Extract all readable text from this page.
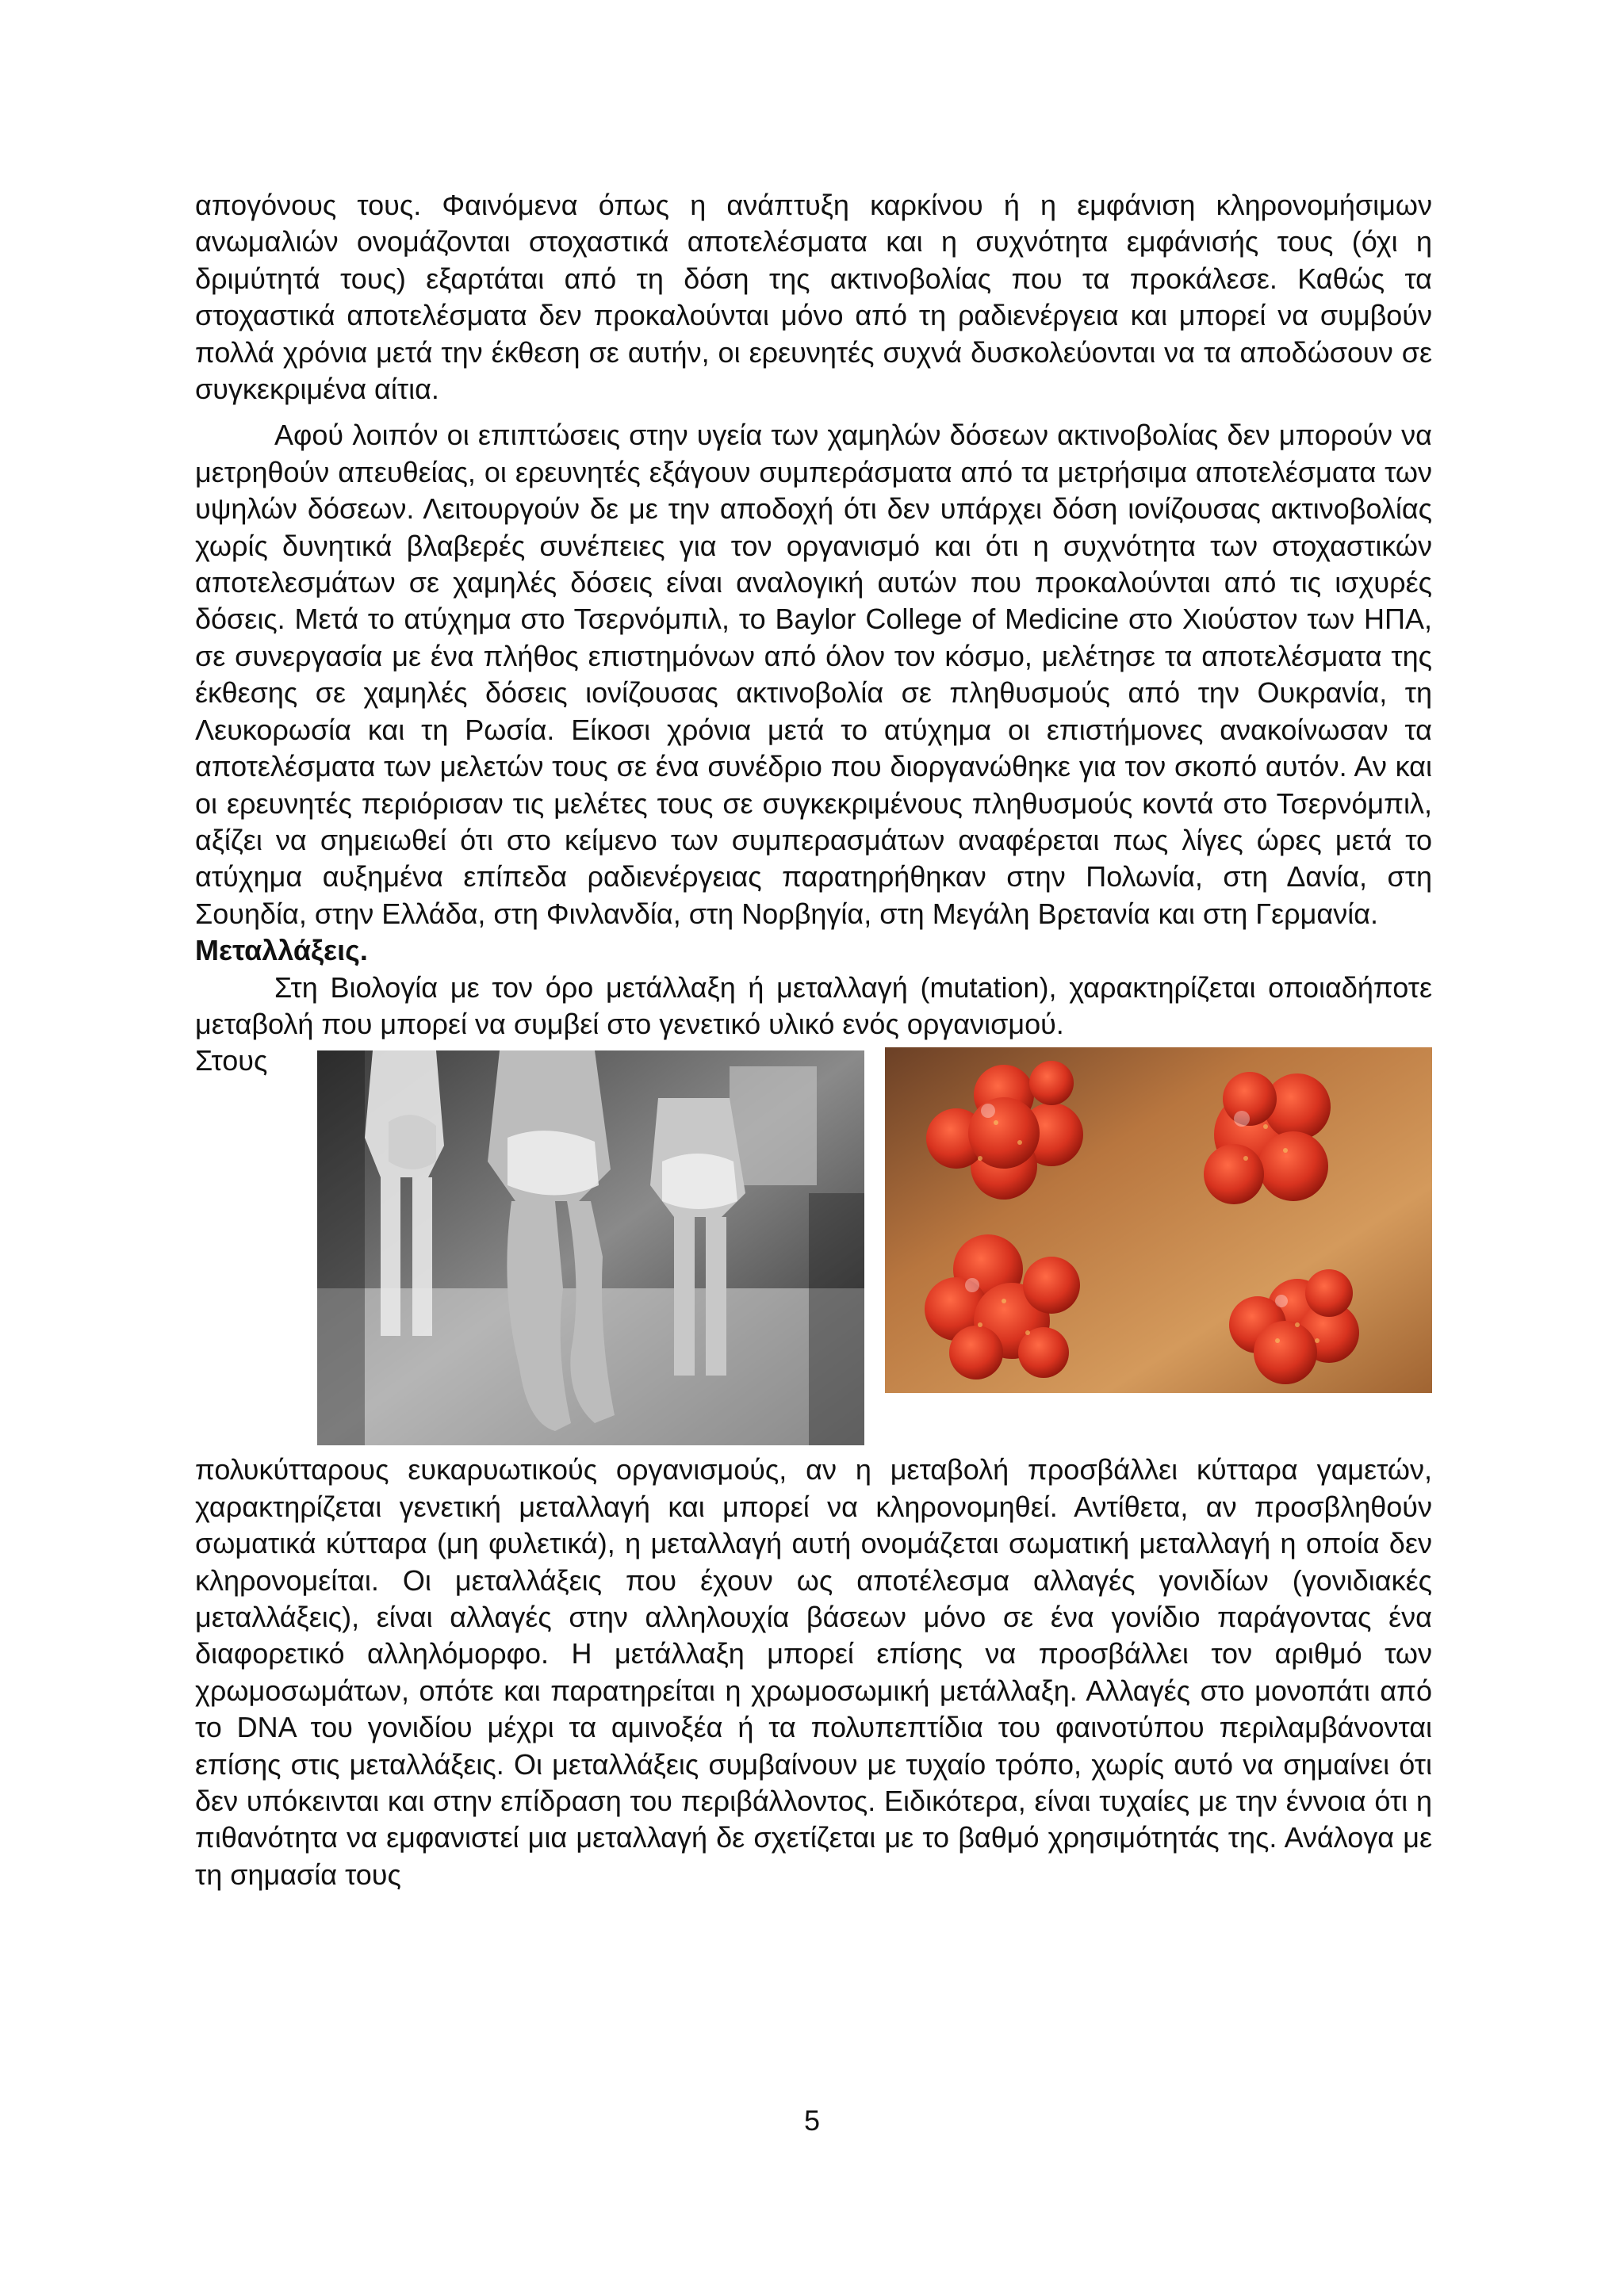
απογόνους τους. Φαινόμενα όπως η ανάπτυξη καρκίνου ή η εμφάνιση κληρονομήσιμων ανωμαλιών ονομάζονται στοχαστικά αποτελέσματα και η συχνότητα εμφάνισής τους (όχι η δριμύτητά τους) εξαρτάται από τη δόση της ακτινοβολίας που τα προκάλεσε. Καθώς τα στοχαστικά αποτελέσματα δεν προκαλούνται μόνο από τη ραδιενέργεια και μπορεί να συμβούν πολλά χρόνια μετά την έκθεση σε αυτήν, οι ερευνητές συχνά δυσκολεύονται να τα αποδώσουν σε συγκεκριμένα αίτια.

Αφού λοιπόν οι επιπτώσεις στην υγεία των χαμηλών δόσεων ακτινοβολίας δεν μπορούν να μετρηθούν απευθείας, οι ερευνητές εξάγουν συμπεράσματα από τα μετρήσιμα αποτελέσματα των υψηλών δόσεων. Λειτουργούν δε με την αποδοχή ότι δεν υπάρχει δόση ιονίζουσας ακτινοβολίας χωρίς δυνητικά βλαβερές συνέπειες για τον οργανισμό και ότι η συχνότητα των στοχαστικών αποτελεσμάτων σε χαμηλές δόσεις είναι αναλογική αυτών που προκαλούνται από τις ισχυρές δόσεις. Μετά το ατύχημα στο Τσερνόμπιλ, το Baylor College of Medicine στο Χιούστον των ΗΠΑ, σε συνεργασία με ένα πλήθος επιστημόνων από όλον τον κόσμο, μελέτησε τα αποτελέσματα της έκθεσης σε χαμηλές δόσεις ιονίζουσας ακτινοβολία σε πληθυσμούς από την Ουκρανία, τη Λευκορωσία και τη Ρωσία. Είκοσι χρόνια μετά το ατύχημα οι επιστήμονες ανακοίνωσαν τα αποτελέσματα των μελετών τους σε ένα συνέδριο που διοργανώθηκε για τον σκοπό αυτόν. Αν και οι ερευνητές περιόρισαν τις μελέτες τους σε συγκεκριμένους πληθυσμούς κοντά στο Τσερνόμπιλ, αξίζει να σημειωθεί ότι στο κείμενο των συμπερασμάτων αναφέρεται πως λίγες ώρες μετά το ατύχημα αυξημένα επίπεδα ραδιενέργειας παρατηρήθηκαν στην Πολωνία, στη Δανία, στη Σουηδία, στην Ελλάδα, στη Φινλανδία, στη Νορβηγία, στη Μεγάλη Βρετανία και στη Γερμανία.

Μεταλλάξεις.

Στη Βιολογία με τον όρο μετάλλαξη ή μεταλλαγή (mutation), χαρακτηρίζεται οποιαδήποτε μεταβολή που μπορεί να συμβεί στο γενετικό υλικό ενός οργανισμού.

Στους πολυκύτταρους ευκαρυωτικούς οργανισμούς, αν η μεταβολή προσβάλλει κύτταρα γαμετών, χαρακτηρίζεται γενετική μεταλλαγή και μπορεί να κληρονομηθεί. Αντίθετα, αν προσβληθούν σωματικά κύτταρα (μη φυλετικά), η μεταλλαγή αυτή ονομάζεται σωματική μεταλλαγή η οποία δεν κληρονομείται. Οι μεταλλάξεις που έχουν ως αποτέλεσμα αλλαγές γονιδίων (γονιδιακές μεταλλάξεις), είναι αλλαγές στην αλληλουχία βάσεων μόνο σε ένα γονίδιο παράγοντας ένα διαφορετικό αλληλόμορφο. Η μετάλλαξη μπορεί επίσης να προσβάλλει τον αριθμό των χρωμοσωμάτων, οπότε και παρατηρείται η χρωμοσωμική μετάλλαξη. Αλλαγές στο μονοπάτι από το DNA του γονιδίου μέχρι τα αμινοξέα ή τα πολυπεπτίδια του φαινοτύπου περιλαμβάνονται επίσης στις μεταλλάξεις. Οι μεταλλάξεις συμβαίνουν με τυχαίο τρόπο, χωρίς αυτό να σημαίνει ότι δεν υπόκεινται και στην επίδραση του περιβάλλοντος. Ειδικότερα, είναι τυχαίες με την έννοια ότι η πιθανότητα να εμφανιστεί μια μεταλλαγή δε σχετίζεται με το βαθμό χρησιμότητάς της. Ανάλογα με τη σημασία τους

5
